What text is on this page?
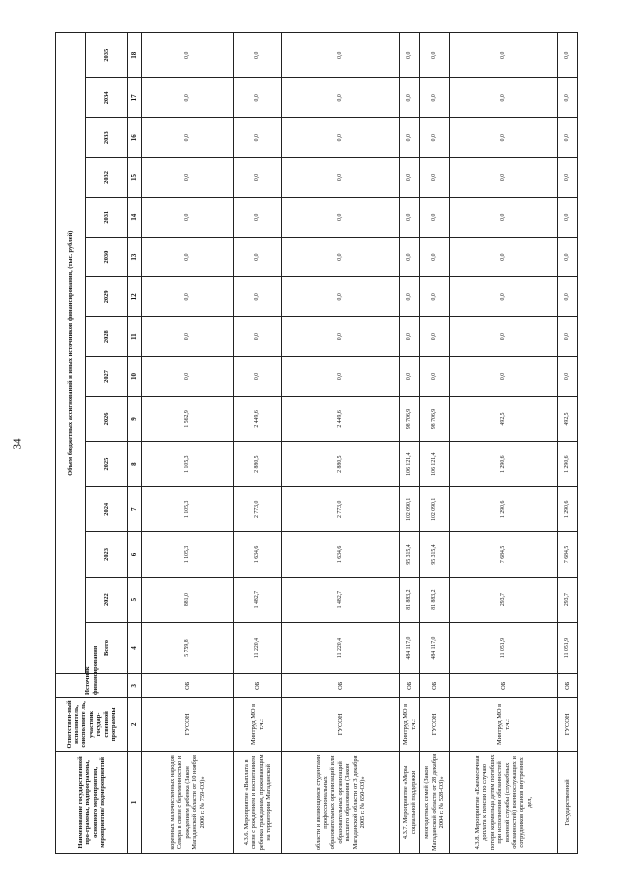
34
Наименование государственной про-граммы, подпрограммы, основного мероприятия, мероприятия/ подмероприятий	Ответствен-ный исполнитель, соисполните ль, участник государ-ственной программы	Источник финансирования	Объем бюджетных ассигнований и иных источников финансирования, (тыс. рублей)														
			Всего	2022	2023	2024	2025	2026	2027	2028	2029	2030	2031	2032	2033	2034	2035
1	2	3	4	5	6	7	8	9	10	11	12	13	14	15	16	17	18
коренных малочисленных народов Севера в связи с беременностью и рождением ребенка (Закон Магаданской области от 10 ноября 2006 г. № 759-ОЗ)»	ГУСОН	ОБ	5 759,8	881,0	1 105,3	1 105,3	1 105,3	1 562,9	0,0	0,0	0,0	0,0	0,0	0,0	0,0	0,0	0,0
4.3.6. Мероприятие «Выплата в связи с рождением и воспитанием ребенка гражданам, проживающим на территории Магаданской	Минтруд МО в т.ч.:	ОБ	11 220,4	1 482,7	1 634,6	2 773,0	2 880,5	2 449,6	0,0	0,0	0,0	0,0	0,0	0,0	0,0	0,0	0,0
области и являющимся студентами профессиональных образовательных организаций или образовательных организаций высшего образования (Закон Магаданской области от 3 декабря 2005 г. № 650-ОЗ)»	ГУСОН	ОБ	11 220,4	1 482,7	1 634,6	2 773,0	2 880,5	2 449,6	0,0	0,0	0,0	0,0	0,0	0,0	0,0	0,0	0,0
4.3.7. Мероприятие «Меры социальной поддержки	Минтруд МО в т.ч.:	ОБ	484 117,0	81 883,2	95 315,4	102 090,1	106 121,4	98 706,9	0,0	0,0	0,0	0,0	0,0	0,0	0,0	0,0	0,0
многодетных семей (Закон Магаданской области от 28 декабря 2004 г. № 528-ОЗ)»	ГУСОН	ОБ	484 117,0	81 883,2	95 315,4	102 090,1	106 121,4	98 706,9	0,0	0,0	0,0	0,0	0,0	0,0	0,0	0,0	0,0
4.3.8. Мероприятие «Ежемесячная доплата к пенсии по случаю потери кормильца детям погибших при исполнении обязанностей военной службы (служебных обязанностей) военнослужащих и сотрудников органов внутренних дел,	Минтруд МО в т.ч.:	ОБ	11 051,9	293,7	7 684,5	1 290,6	1 290,6	492,5	0,0	0,0	0,0	0,0	0,0	0,0	0,0	0,0	0,0
Государственной	ГУСОН	ОБ	11 051,9	293,7	7 684,5	1 290,6	1 290,6	492,5	0,0	0,0	0,0	0,0	0,0	0,0	0,0	0,0	0,0
